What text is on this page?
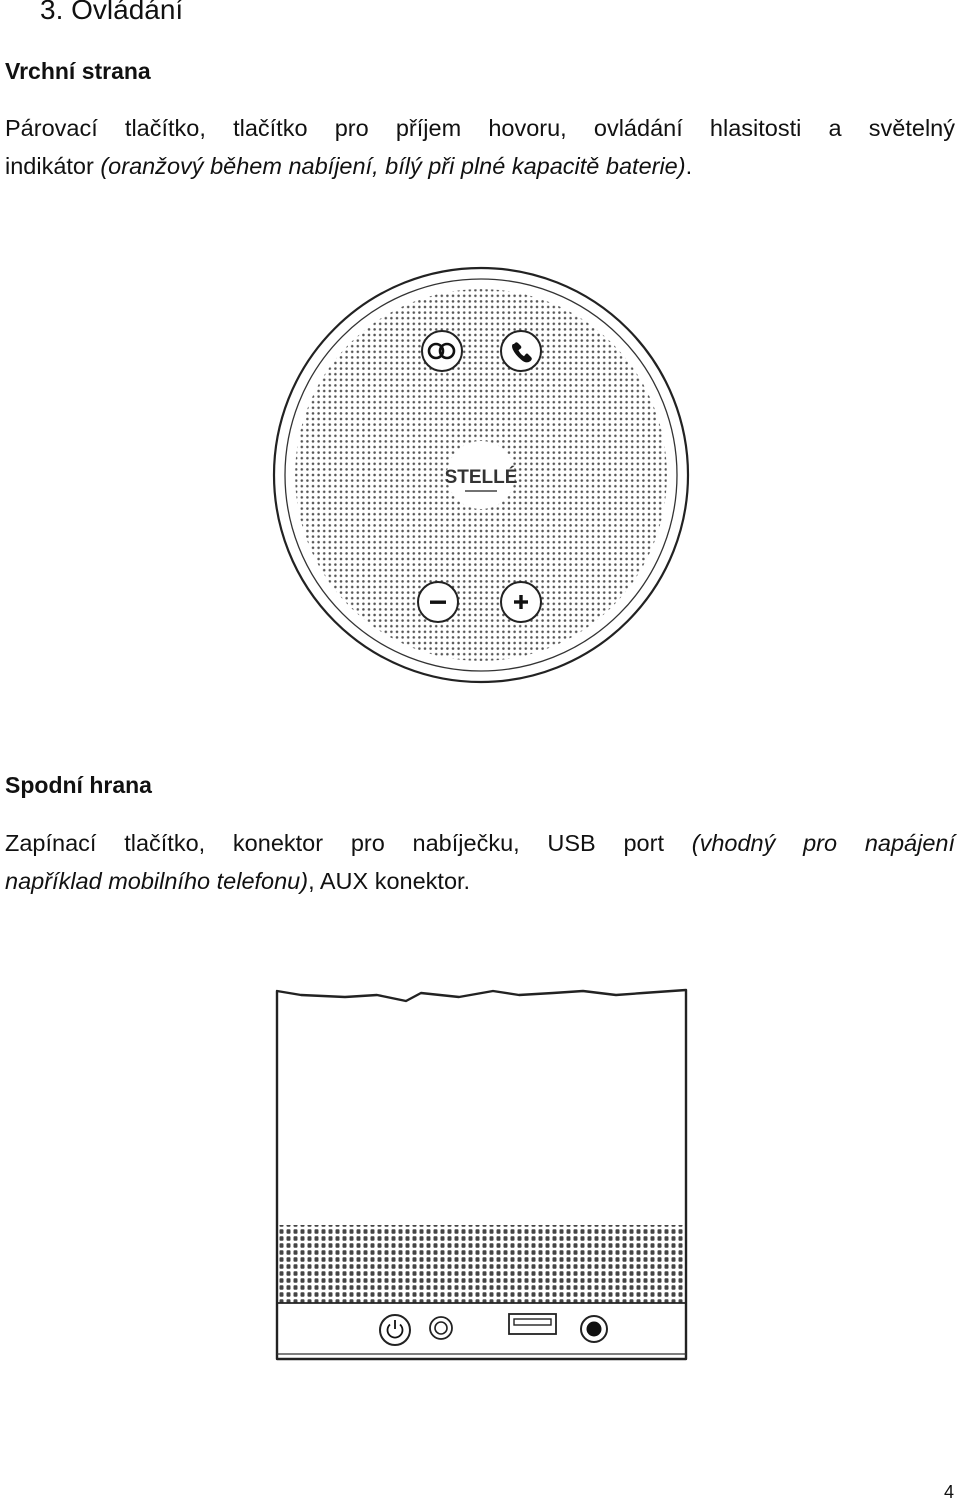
3. Ovládání
Vrchní strana

Párovací tlačítko, tlačítko pro příjem hovoru, ovládání hlasitosti a světelný
indikátor (oranžový během nabíjení, bílý při plné kapacitě baterie).

STELLÉ
Spodní hrana

Zapínací tlačítko, konektor pro nabíječku, USB port (vhodný pro napájení
například mobilního telefonu), AUX konektor.

4
